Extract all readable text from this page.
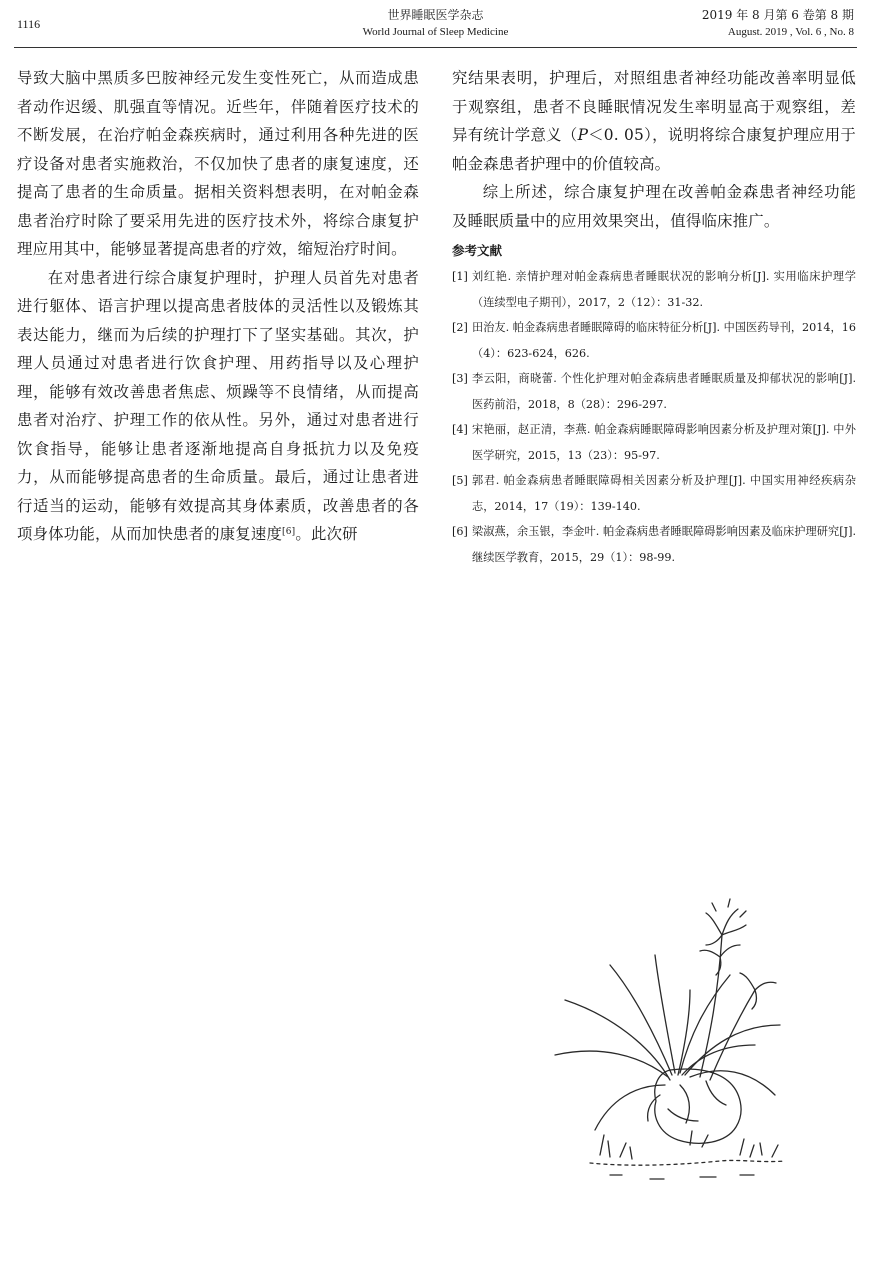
1116
世界睡眠医学杂志
World Journal of Sleep Medicine
2019 年 8 月第 6 卷第 8 期
August. 2019 , Vol. 6 , No. 8

导致大脑中黑质多巴胺神经元发生变性死亡，从而造成患者动作迟缓、肌强直等情况。近些年，伴随着医疗技术的不断发展，在治疗帕金森疾病时，通过利用各种先进的医疗设备对患者实施救治，不仅加快了患者的康复速度，还提高了患者的生命质量。据相关资料想表明，在对帕金森患者治疗时除了要采用先进的医疗技术外，将综合康复护理应用其中，能够显著提高患者的疗效，缩短治疗时间。

在对患者进行综合康复护理时，护理人员首先对患者进行躯体、语言护理以提高患者肢体的灵活性以及锻炼其表达能力，继而为后续的护理打下了坚实基础。其次，护理人员通过对患者进行饮食护理、用药指导以及心理护理，能够有效改善患者焦虑、烦躁等不良情绪，从而提高患者对治疗、护理工作的依从性。另外，通过对患者进行饮食指导，能够让患者逐渐地提高自身抵抗力以及免疫力，从而能够提高患者的生命质量。最后，通过让患者进行适当的运动，能够有效提高其身体素质，改善患者的各项身体功能，从而加快患者的康复速度[6]。此次研

究结果表明，护理后，对照组患者神经功能改善率明显低于观察组，患者不良睡眠情况发生率明显高于观察组，差异有统计学意义（P＜0. 05），说明将综合康复护理应用于帕金森患者护理中的价值较高。

综上所述，综合康复护理在改善帕金森患者神经功能及睡眠质量中的应用效果突出，值得临床推广。

参考文献
[1] 刘红艳. 亲情护理对帕金森病患者睡眠状况的影响分析[J]. 实用临床护理学（连续型电子期刊），2017，2（12）：31-32.
[2] 田治友. 帕金森病患者睡眠障碍的临床特征分析[J]. 中国医药导刊，2014，16（4）：623-624，626.
[3] 李云阳，商晓蕾. 个性化护理对帕金森病患者睡眠质量及抑郁状况的影响[J]. 医药前沿，2018，8（28）：296-297.
[4] 宋艳丽，赵正清，李燕. 帕金森病睡眠障碍影响因素分析及护理对策[J]. 中外医学研究，2015，13（23）：95-97.
[5] 郭君. 帕金森病患者睡眠障碍相关因素分析及护理[J]. 中国实用神经疾病杂志，2014，17（19）：139-140.
[6] 梁淑燕，余玉银，李金叶. 帕金森病患者睡眠障碍影响因素及临床护理研究[J]. 继续医学教育，2015，29（1）：98-99.
